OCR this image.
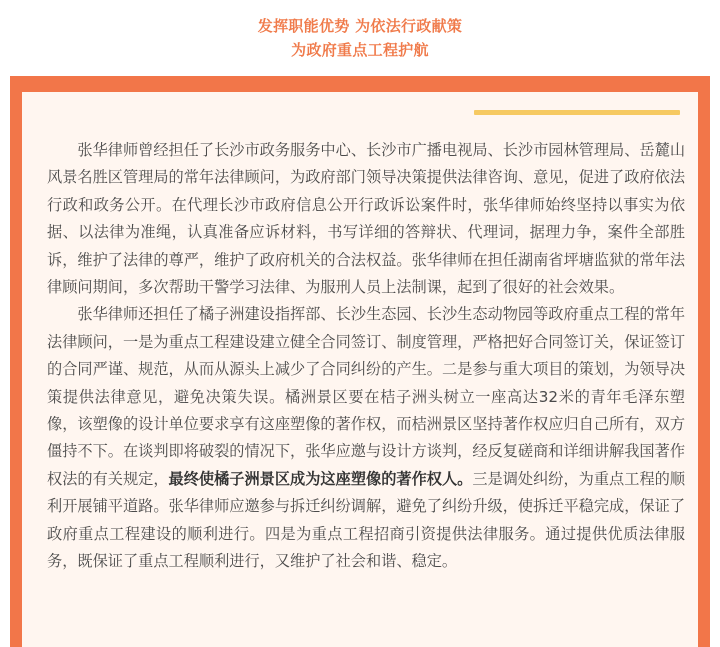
发挥职能优势 为依法行政献策
为政府重点工程护航

张华律师曾经担任了长沙市政务服务中心、长沙市广播电视局、长沙市园林管理局、岳麓山风景名胜区管理局的常年法律顾问，为政府部门领导决策提供法律咨询、意见，促进了政府依法行政和政务公开。在代理长沙市政府信息公开行政诉讼案件时，张华律师始终坚持以事实为依据、以法律为准绳，认真准备应诉材料，书写详细的答辩状、代理词，据理力争，案件全部胜诉，维护了法律的尊严，维护了政府机关的合法权益。张华律师在担任湖南省坪塘监狱的常年法律顾问期间，多次帮助干警学习法律、为服刑人员上法制课，起到了很好的社会效果。

张华律师还担任了橘子洲建设指挥部、长沙生态园、长沙生态动物园等政府重点工程的常年法律顾问，一是为重点工程建设建立健全合同签订、制度管理，严格把好合同签订关，保证签订的合同严谨、规范，从而从源头上减少了合同纠纷的产生。二是参与重大项目的策划，为领导决策提供法律意见，避免决策失误。橘洲景区要在桔子洲头树立一座高达32米的青年毛泽东塑像，该塑像的设计单位要求享有这座塑像的著作权，而桔洲景区坚持著作权应归自己所有，双方僵持不下。在谈判即将破裂的情况下，张华应邀与设计方谈判，经反复磋商和详细讲解我国著作权法的有关规定，最终使橘子洲景区成为这座塑像的著作权人。三是调处纠纷，为重点工程的顺利开展铺平道路。张华律师应邀参与拆迁纠纷调解，避免了纠纷升级，使拆迁平稳完成，保证了政府重点工程建设的顺利进行。四是为重点工程招商引资提供法律服务。通过提供优质法律服务，既保证了重点工程顺利进行，又维护了社会和谐、稳定。
